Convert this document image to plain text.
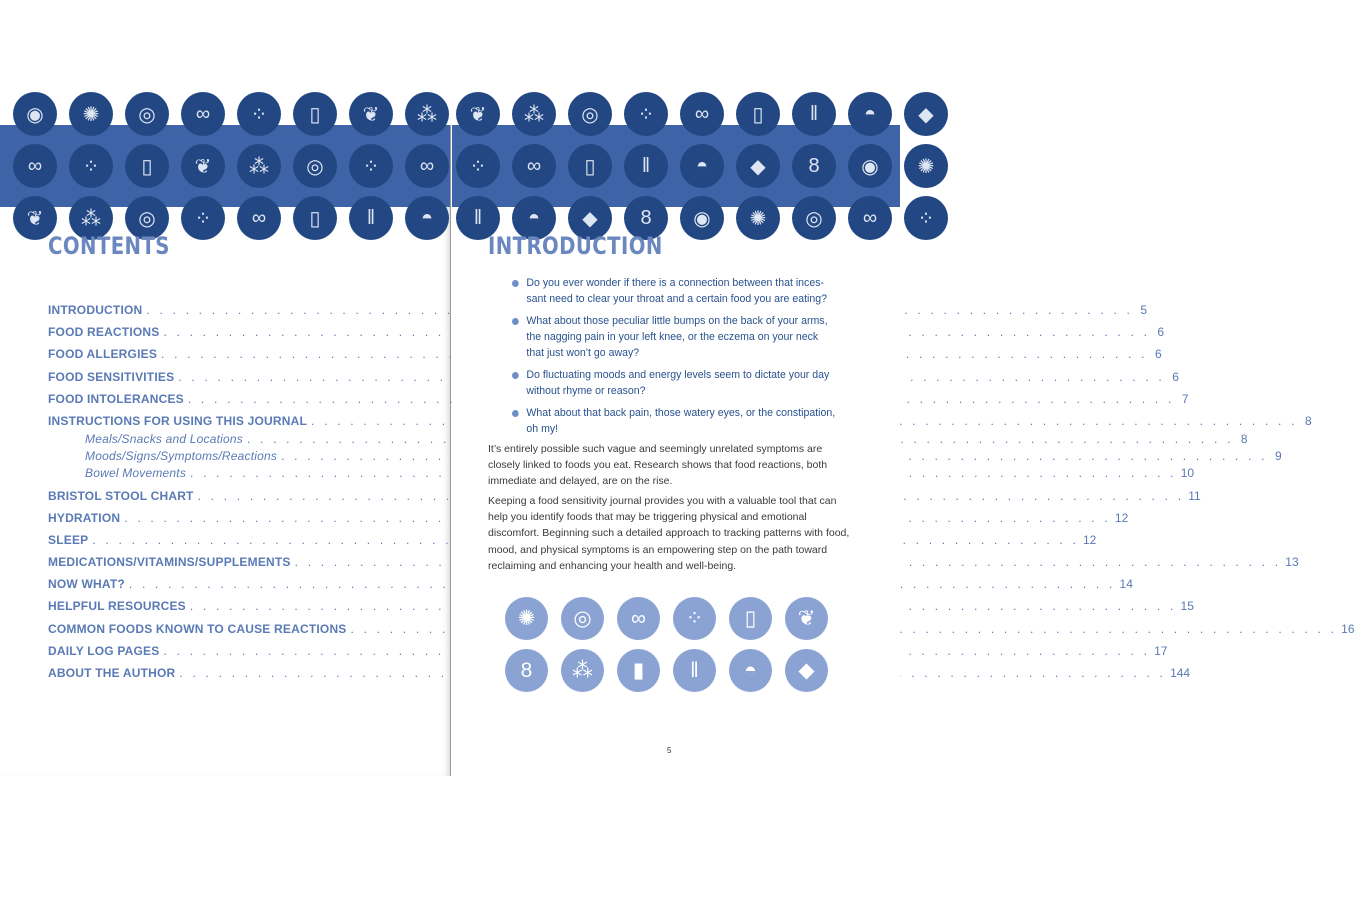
◉	✺	◎	∞	⁘	▯	❦	⁂
∞	⁘	▯	❦	⁂	◎	⁘	∞
❦	⁂	◎	⁘	∞	▯	ǁ	◓
CONTENTS
INTRODUCTION . . .	5
FOOD REACTIONS . . .	6
FOOD ALLERGIES . . .	6
FOOD SENSITIVITIES . . .	6
FOOD INTOLERANCES . . .	7
INSTRUCTIONS FOR USING THIS JOURNAL . . .	8
Meals/Snacks and Locations . . .	8
Moods/Signs/Symptoms/Reactions . . .	9
Bowel Movements . . .	10
BRISTOL STOOL CHART . . .	11
HYDRATION . . .	12
SLEEP . . .	12
MEDICATIONS/VITAMINS/SUPPLEMENTS . . .	13
NOW WHAT? . . .	14
HELPFUL RESOURCES . . .	15
COMMON FOODS KNOWN TO CAUSE REACTIONS . . .	16
DAILY LOG PAGES . . .	17
ABOUT THE AUTHOR . . .	144
❦	⁂	◎	⁘	∞	▯	ǁ	◓	◆
⁘	∞	▯	ǁ	◓	◆	8	◉	✺
ǁ	◓	◆	8	◉	✺	◎	∞	⁘
INTRODUCTION
Do you ever wonder if there is a connection between that inces-sant need to clear your throat and a certain food you are eating?
What about those peculiar little bumps on the back of your arms, the nagging pain in your left knee, or the eczema on your neck that just won’t go away?
Do fluctuating moods and energy levels seem to dictate your day without rhyme or reason?
What about that back pain, those watery eyes, or the constipation, oh my!

It’s entirely possible such vague and seemingly unrelated symptoms are closely linked to foods you eat. Research shows that food reactions, both immediate and delayed, are on the rise.

Keeping a food sensitivity journal provides you with a valuable tool that can help you identify foods that may be triggering physical and emotional discomfort. Beginning such a detailed approach to tracking patterns with food, mood, and physical symptoms is an empowering step on the path toward reclaiming and enhancing your health and well-being.

✺	◎	∞	⁘	▯	❦
8	⁂	▮	ǁ	◓	◆
5
